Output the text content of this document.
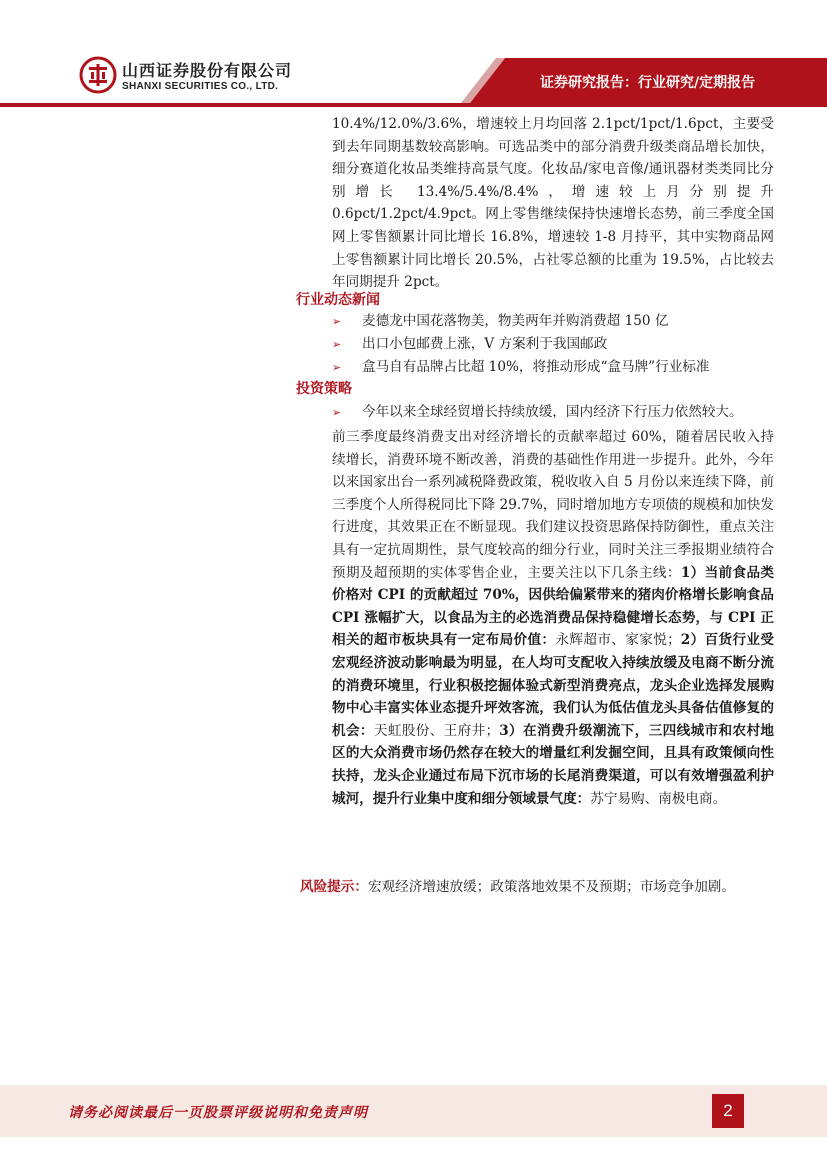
山西证券股份有限公司
SHANXI SECURITIES CO., LTD.	证券研究报告：行业研究/定期报告
10.4%/12.0%/3.6%，增速较上月均回落 2.1pct/1pct/1.6pct，主要受到去年同期基数较高影响。可选品类中的部分消费升级类商品增长加快，细分赛道化妆品类维持高景气度。化妆品/家电音像/通讯器材类类同比分别增长 13.4%/5.4%/8.4%，增速较上月分别提升 0.6pct/1.2pct/4.9pct。网上零售继续保持快速增长态势，前三季度全国网上零售额累计同比增长 16.8%，增速较 1-8 月持平，其中实物商品网上零售额累计同比增长 20.5%，占社零总额的比重为 19.5%，占比较去年同期提升 2pct。
行业动态新闻
➢ 麦德龙中国花落物美，物美两年并购消费超 150 亿
➢ 出口小包邮费上涨，V 方案利于我国邮政
➢ 盒马自有品牌占比超 10%，将推动形成“盒马牌”行业标准
投资策略
➢ 今年以来全球经贸增长持续放缓，国内经济下行压力依然较大。
前三季度最终消费支出对经济增长的贡献率超过 60%，随着居民收入持续增长，消费环境不断改善，消费的基础性作用进一步提升。此外，今年以来国家出台一系列减税降费政策，税收收入自 5 月份以来连续下降，前三季度个人所得税同比下降 29.7%，同时增加地方专项债的规模和加快发行进度，其效果正在不断显现。我们建议投资思路保持防御性，重点关注具有一定抗周期性，景气度较高的细分行业，同时关注三季报期业绩符合预期及超预期的实体零售企业，主要关注以下几条主线：1）当前食品类价格对 CPI 的贡献超过 70%，因供给偏紧带来的猪肉价格增长影响食品 CPI 涨幅扩大，以食品为主的必选消费品保持稳健增长态势，与 CPI 正相关的超市板块具有一定布局价值：永辉超市、家家悦；2）百货行业受宏观经济波动影响最为明显，在人均可支配收入持续放缓及电商不断分流的消费环境里，行业积极挖掘体验式新型消费亮点，龙头企业选择发展购物中心丰富实体业态提升坪效客流，我们认为低估值龙头具备估值修复的机会：天虹股份、王府井；3）在消费升级潮流下，三四线城市和农村地区的大众消费市场仍然存在较大的增量红利发掘空间，且具有政策倾向性扶持，龙头企业通过布局下沉市场的长尾消费渠道，可以有效增强盈利护城河，提升行业集中度和细分领域景气度：苏宁易购、南极电商。
风险提示：宏观经济增速放缓；政策落地效果不及预期；市场竞争加剧。
请务必阅读最后一页股票评级说明和免责声明	2
